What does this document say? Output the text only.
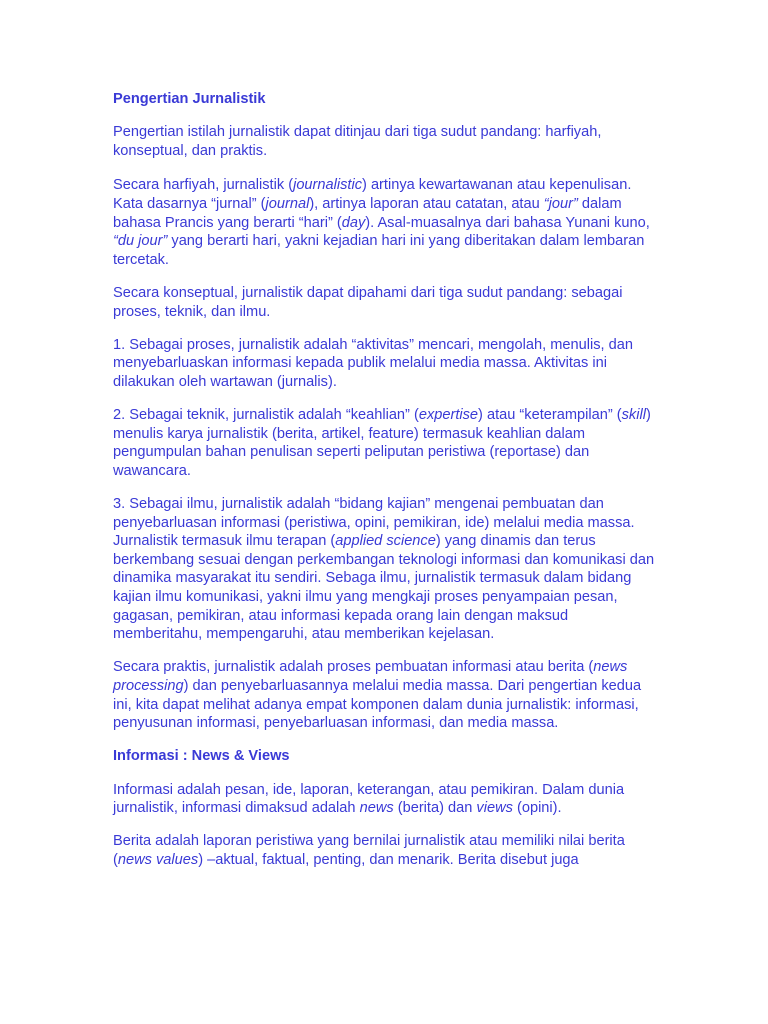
Pengertian Jurnalistik

Pengertian istilah jurnalistik dapat ditinjau dari tiga sudut pandang: harfiyah, konseptual, dan praktis.

Secara harfiyah, jurnalistik (journalistic) artinya kewartawanan atau kepenulisan. Kata dasarnya “jurnal” (journal), artinya laporan atau catatan, atau “jour” dalam bahasa Prancis yang berarti “hari” (day). Asal-muasalnya dari bahasa Yunani kuno, “du jour” yang berarti hari, yakni kejadian hari ini yang diberitakan dalam lembaran tercetak.

Secara konseptual, jurnalistik dapat dipahami dari tiga sudut pandang: sebagai proses, teknik, dan ilmu.

1. Sebagai proses, jurnalistik adalah “aktivitas” mencari, mengolah, menulis, dan menyebarluaskan informasi kepada publik melalui media massa. Aktivitas ini dilakukan oleh wartawan (jurnalis).

2. Sebagai teknik, jurnalistik adalah “keahlian” (expertise) atau “keterampilan” (skill) menulis karya jurnalistik (berita, artikel, feature) termasuk keahlian dalam pengumpulan bahan penulisan seperti peliputan peristiwa (reportase) dan wawancara.

3. Sebagai ilmu, jurnalistik adalah “bidang kajian” mengenai pembuatan dan penyebarluasan informasi (peristiwa, opini, pemikiran, ide) melalui media massa. Jurnalistik termasuk ilmu terapan (applied science) yang dinamis dan terus berkembang sesuai dengan perkembangan teknologi informasi dan komunikasi dan dinamika masyarakat itu sendiri. Sebaga ilmu, jurnalistik termasuk dalam bidang kajian ilmu komunikasi, yakni ilmu yang mengkaji proses penyampaian pesan, gagasan, pemikiran, atau informasi kepada orang lain dengan maksud memberitahu, mempengaruhi, atau memberikan kejelasan.

Secara praktis, jurnalistik adalah proses pembuatan informasi atau berita (news processing) dan penyebarluasannya melalui media massa. Dari pengertian kedua ini, kita dapat melihat adanya empat komponen dalam dunia jurnalistik: informasi, penyusunan informasi, penyebarluasan informasi, dan media massa.

Informasi : News & Views

Informasi adalah pesan, ide, laporan, keterangan, atau pemikiran. Dalam dunia jurnalistik, informasi dimaksud adalah news (berita) dan views (opini).

Berita adalah laporan peristiwa yang bernilai jurnalistik atau memiliki nilai berita (news values) –aktual, faktual, penting, dan menarik. Berita disebut juga
